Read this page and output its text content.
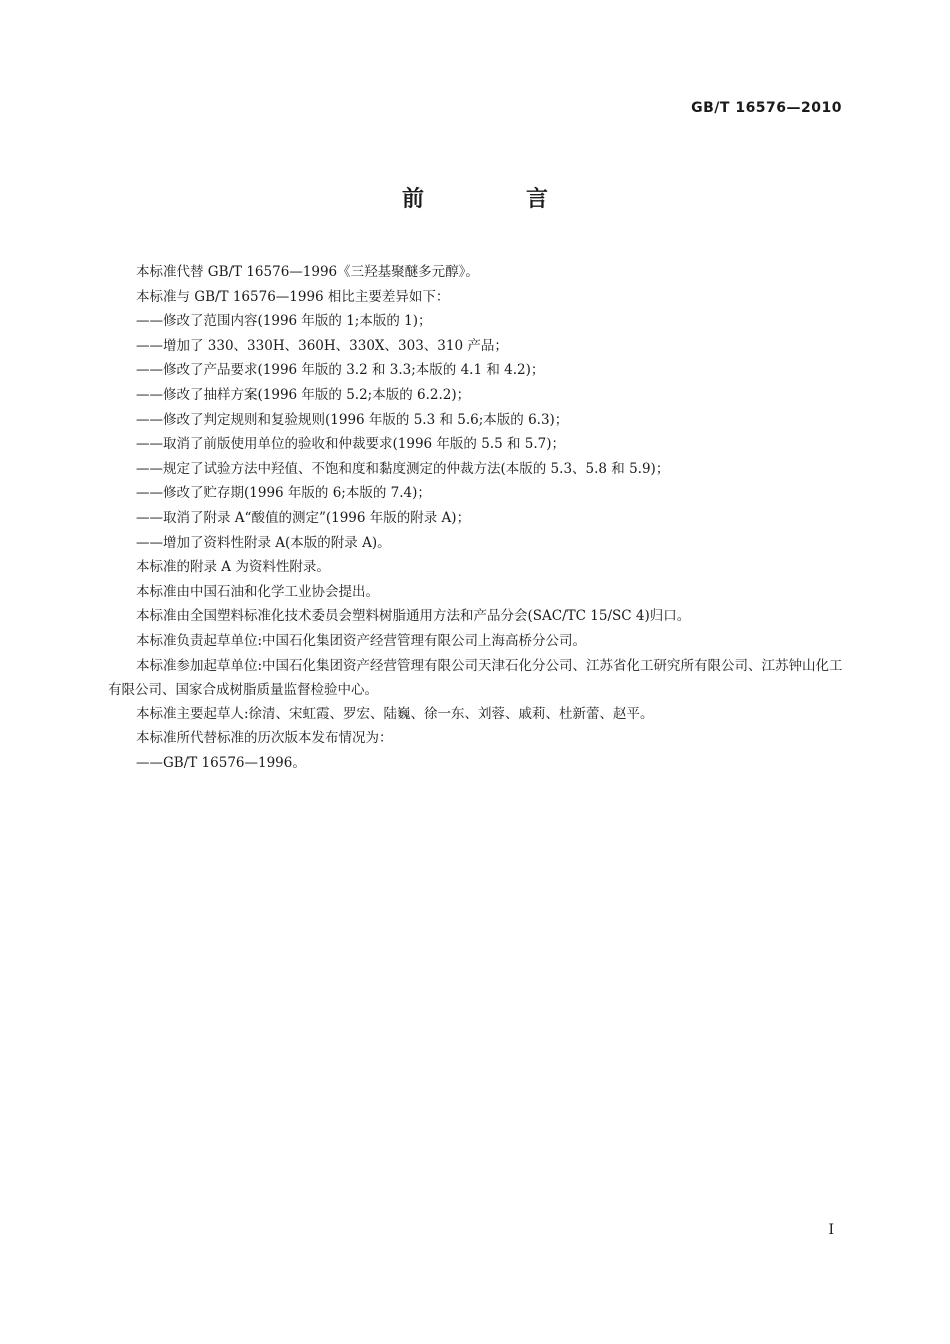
GB/T 16576—2010
前　言

本标准代替 GB/T 16576—1996《三羟基聚醚多元醇》。

本标准与 GB/T 16576—1996 相比主要差异如下：

——修改了范围内容(1996 年版的 1;本版的 1)；

——增加了 330、330H、360H、330X、303、310 产品；

——修改了产品要求(1996 年版的 3.2 和 3.3;本版的 4.1 和 4.2)；

——修改了抽样方案(1996 年版的 5.2;本版的 6.2.2)；

——修改了判定规则和复验规则(1996 年版的 5.3 和 5.6;本版的 6.3)；

——取消了前版使用单位的验收和仲裁要求(1996 年版的 5.5 和 5.7)；

——规定了试验方法中羟值、不饱和度和黏度测定的仲裁方法(本版的 5.3、5.8 和 5.9)；

——修改了贮存期(1996 年版的 6;本版的 7.4)；

——取消了附录 A“酸值的测定”(1996 年版的附录 A)；

——增加了资料性附录 A(本版的附录 A)。

本标准的附录 A 为资料性附录。

本标准由中国石油和化学工业协会提出。

本标准由全国塑料标准化技术委员会塑料树脂通用方法和产品分会(SAC/TC 15/SC 4)归口。

本标准负责起草单位:中国石化集团资产经营管理有限公司上海高桥分公司。

本标准参加起草单位:中国石化集团资产经营管理有限公司天津石化分公司、江苏省化工研究所有限公司、江苏钟山化工有限公司、国家合成树脂质量监督检验中心。

本标准主要起草人:徐清、宋虹霞、罗宏、陆巍、徐一东、刘蓉、戚莉、杜新蕾、赵平。

本标准所代替标准的历次版本发布情况为：

——GB/T 16576—1996。

I
